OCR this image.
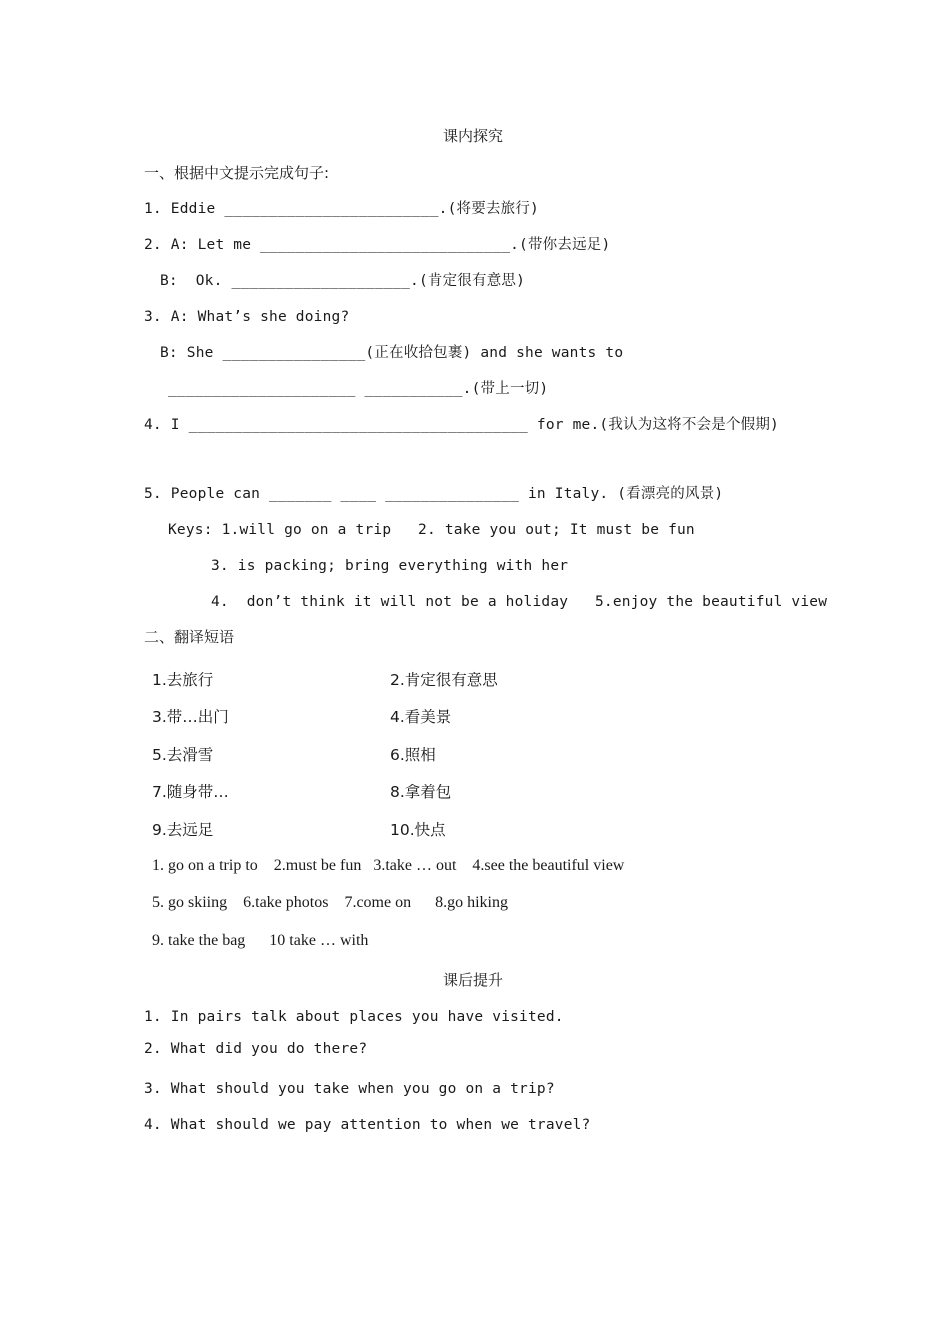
课内探究
一、根据中文提示完成句子:
1. Eddie ________________________.(将要去旅行)
2. A: Let me ____________________________.(带你去远足)
B:  Ok. ____________________.(肯定很有意思)
3. A: What’s she doing?
B: She ________________(正在收拾包裹) and she wants to
_____________________ ___________.(带上一切)
4. I ______________________________________ for me.(我认为这将不会是个假期)
5. People can _______ ____ _______________ in Italy. (看漂亮的风景)
Keys: 1.will go on a trip   2. take you out; It must be fun
3. is packing; bring everything with her
4.  don’t think it will not be a holiday   5.enjoy the beautiful view
二、翻译短语
1.去旅行	2.肯定很有意思
3.带…出门	4.看美景
5.去滑雪	6.照相
7.随身带…	8.拿着包
9.去远足	10.快点
1. go on a trip to    2.must be fun   3.take … out    4.see the beautiful view
5. go skiing    6.take photos    7.come on      8.go hiking
9. take the bag      10 take … with
课后提升
1. In pairs talk about places you have visited.
2. What did you do there?
3. What should you take when you go on a trip?
4. What should we pay attention to when we travel?
